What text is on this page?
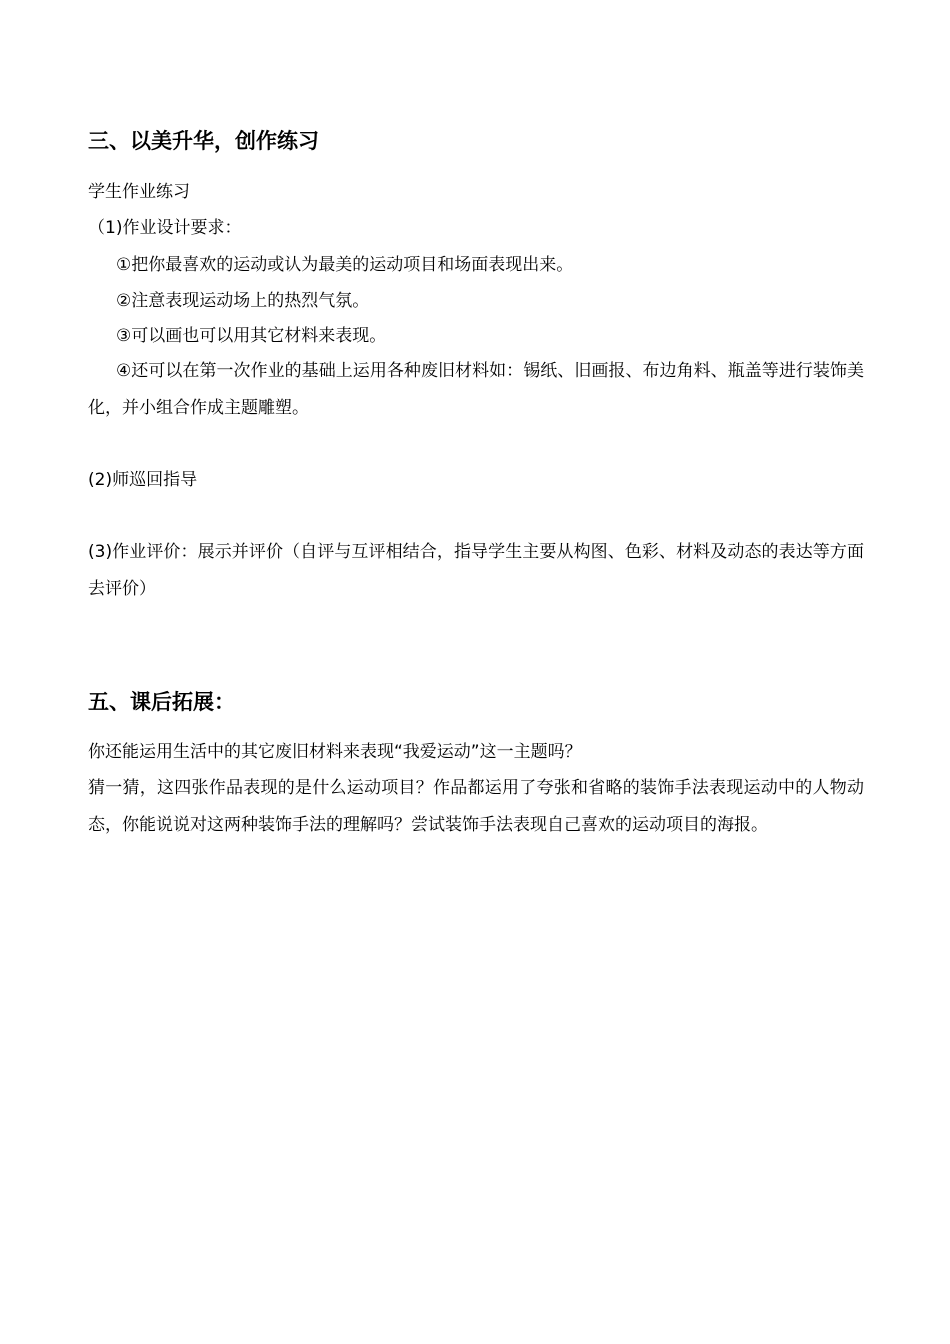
三、以美升华，创作练习
学生作业练习
（1)作业设计要求：
①把你最喜欢的运动或认为最美的运动项目和场面表现出来。
②注意表现运动场上的热烈气氛。
③可以画也可以用其它材料来表现。
④还可以在第一次作业的基础上运用各种废旧材料如：锡纸、旧画报、布边角料、瓶盖等进行装饰美化，并小组合作成主题雕塑。
(2)师巡回指导
(3)作业评价：展示并评价（自评与互评相结合，指导学生主要从构图、色彩、材料及动态的表达等方面去评价）
五、课后拓展：
你还能运用生活中的其它废旧材料来表现“我爱运动”这一主题吗？
猜一猜，这四张作品表现的是什么运动项目？作品都运用了夸张和省略的装饰手法表现运动中的人物动态，你能说说对这两种装饰手法的理解吗？尝试装饰手法表现自己喜欢的运动项目的海报。
